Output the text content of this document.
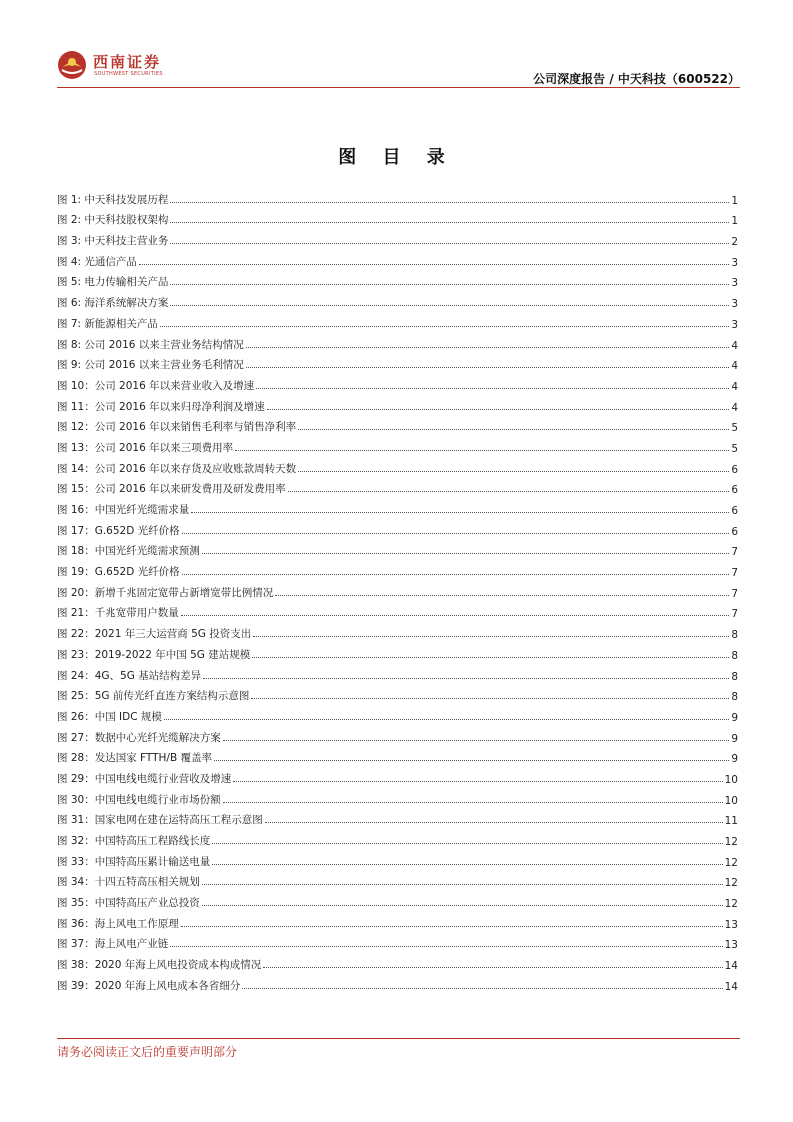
西南证券
SOUTHWEST SECURITIES	公司深度报告 / 中天科技（600522）
图 目 录
图 1: 中天科技发展历程	1
图 2: 中天科技股权架构	1
图 3: 中天科技主营业务	2
图 4: 光通信产品	3
图 5: 电力传输相关产品	3
图 6: 海洋系统解决方案	3
图 7: 新能源相关产品	3
图 8: 公司 2016 以来主营业务结构情况	4
图 9: 公司 2016 以来主营业务毛利情况	4
图 10：公司 2016 年以来营业收入及增速	4
图 11：公司 2016 年以来归母净利润及增速	4
图 12：公司 2016 年以来销售毛利率与销售净利率	5
图 13：公司 2016 年以来三项费用率	5
图 14：公司 2016 年以来存货及应收账款周转天数	6
图 15：公司 2016 年以来研发费用及研发费用率	6
图 16：中国光纤光缆需求量	6
图 17：G.652D 光纤价格	6
图 18：中国光纤光缆需求预测	7
图 19：G.652D 光纤价格	7
图 20：新增千兆固定宽带占新增宽带比例情况	7
图 21：千兆宽带用户数量	7
图 22：2021 年三大运营商 5G 投资支出	8
图 23：2019-2022 年中国 5G 建站规模	8
图 24：4G、5G 基站结构差异	8
图 25：5G 前传光纤直连方案结构示意图	8
图 26：中国 IDC 规模	9
图 27：数据中心光纤光缆解决方案	9
图 28：发达国家 FTTH/B 覆盖率	9
图 29：中国电线电缆行业营收及增速	10
图 30：中国电线电缆行业市场份额	10
图 31：国家电网在建在运特高压工程示意图	11
图 32：中国特高压工程路线长度	12
图 33：中国特高压累计输送电量	12
图 34：十四五特高压相关规划	12
图 35：中国特高压产业总投资	12
图 36：海上风电工作原理	13
图 37：海上风电产业链	13
图 38：2020 年海上风电投资成本构成情况	14
图 39：2020 年海上风电成本各省细分	14
请务必阅读正文后的重要声明部分
